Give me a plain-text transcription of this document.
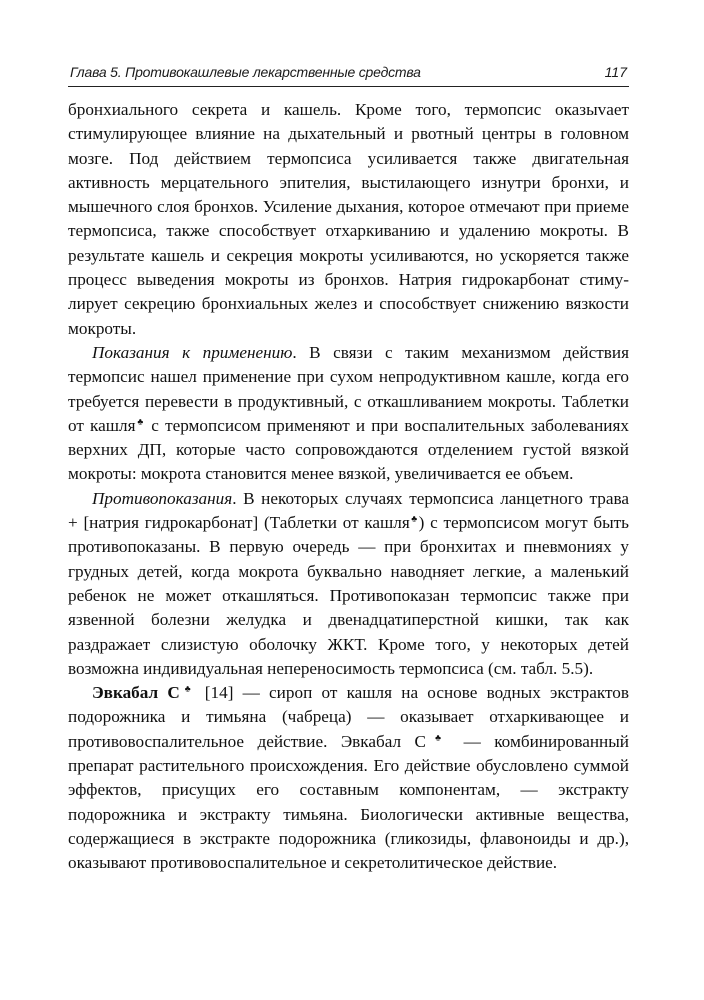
Глава 5. Противокашлевые лекарственные средства	117

бронхиального секрета и кашель. Кроме того, термопсис оказыvает стимулирующее влияние на дыхательный и рвотный центры в головном мозге. Под действием термопсиса усиливается также двигательная активность мерцательного эпителия, выстилающего изнутри бронхи, и мышечного слоя бронхов. Усиление дыхания, которое отмечают при приеме термопсиса, также способствует отхаркиванию и удалению мокроты. В результате кашель и секреция мокроты усиливаются, но ускоряется также процесс выведения мокроты из бронхов. Натрия гидрокарбонат стимулирует секрецию бронхиальных желез и способствует снижению вязкости мокроты.

Показания к применению. В связи с таким механизмом действия термопсис нашел применение при сухом непродуктивном кашле, когда его требуется перевести в продуктивный, с откашливанием мокроты. Таблетки от кашля♣ с термопсисом применяют и при воспалительных заболеваниях верхних ДП, которые часто сопровождаются отделением густой вязкой мокроты: мокрота становится менее вязкой, увеличивается ее объем.

Противопоказания. В некоторых случаях термопсиса ланцетного трава + [натрия гидрокарбонат] (Таблетки от кашля♣) с термопсисом могут быть противопоказаны. В первую очередь — при бронхитах и пневмониях у грудных детей, когда мокрота буквально наводняет легкие, а маленький ребенок не может откашляться. Противопоказан термопсис также при язвенной болезни желудка и двенадцатиперстной кишки, так как раздражает слизистую оболочку ЖКТ. Кроме того, у некоторых детей возможна индивидуальная непереносимость термопсиса (см. табл. 5.5).

Эвкабал С♣ [14] — сироп от кашля на основе водных экстрактов подорожника и тимьяна (чабреца) — оказывает отхаркивающее и противовоспалительное действие. Эвкабал С♣ — комбинированный препарат растительного происхождения. Его действие обусловлено суммой эффектов, присущих его составным компонентам, — экстракту подорожника и экстракту тимьяна. Биологически активные вещества, содержащиеся в экстракте подорожника (гликозиды, флавоноиды и др.), оказывают противовоспалительное и секретолитическое действие.
